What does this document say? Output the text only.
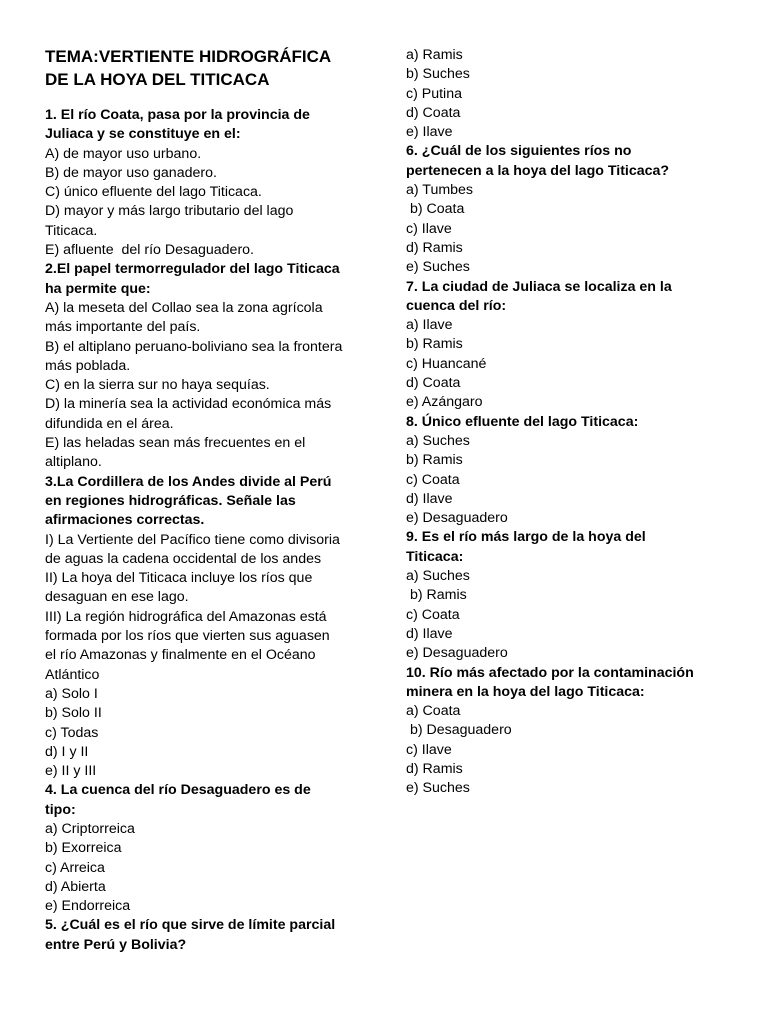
TEMA:VERTIENTE HIDROGRÁFICA
DE LA HOYA DEL TITICACA
1. El río Coata, pasa por la provincia de
Juliaca y se constituye en el:
A) de mayor uso urbano.
B) de mayor uso ganadero.
C) único efluente del lago Titicaca.
D) mayor y más largo tributario del lago
Titicaca.
E) afluente  del río Desaguadero.
2.El papel termorregulador del lago Titicaca
ha permite que:
A) la meseta del Collao sea la zona agrícola
más importante del país.
B) el altiplano peruano-boliviano sea la frontera
más poblada.
C) en la sierra sur no haya sequías.
D) la minería sea la actividad económica más
difundida en el área.
E) las heladas sean más frecuentes en el
altiplano.
3.La Cordillera de los Andes divide al Perú
en regiones hidrográficas. Señale las
afirmaciones correctas.
I) La Vertiente del Pacífico tiene como divisoria
de aguas la cadena occidental de los andes
II) La hoya del Titicaca incluye los ríos que
desaguan en ese lago.
III) La región hidrográfica del Amazonas está
formada por los ríos que vierten sus aguasen
el río Amazonas y finalmente en el Océano
Atlántico
a) Solo I
b) Solo II
c) Todas
d) I y II
e) II y III
4. La cuenca del río Desaguadero es de
tipo:
a) Criptorreica
b) Exorreica
c) Arreica
d) Abierta
e) Endorreica
5. ¿Cuál es el río que sirve de límite parcial
entre Perú y Bolivia?
a) Ramis
b) Suches
c) Putina
d) Coata
e) Ilave
6. ¿Cuál de los siguientes ríos no
pertenecen a la hoya del lago Titicaca?
a) Tumbes
b) Coata
c) Ilave
d) Ramis
e) Suches
7. La ciudad de Juliaca se localiza en la
cuenca del río:
a) Ilave
b) Ramis
c) Huancané
d) Coata
e) Azángaro
8. Único efluente del lago Titicaca:
a) Suches
b) Ramis
c) Coata
d) Ilave
e) Desaguadero
9. Es el río más largo de la hoya del
Titicaca:
a) Suches
b) Ramis
c) Coata
d) Ilave
e) Desaguadero
10. Río más afectado por la contaminación
minera en la hoya del lago Titicaca:
a) Coata
b) Desaguadero
c) Ilave
d) Ramis
e) Suches
